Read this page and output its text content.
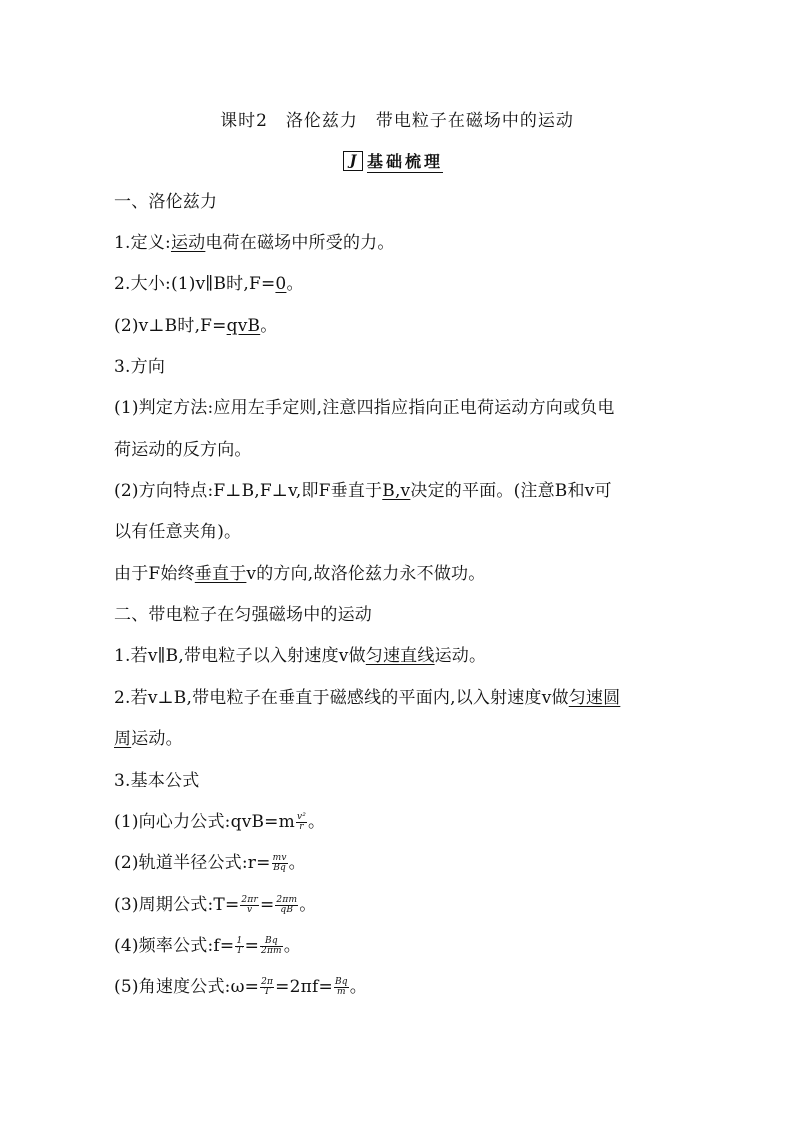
课时2　洛伦兹力　带电粒子在磁场中的运动
J 基础梳理
一、洛伦兹力
1.定义:运动电荷在磁场中所受的力。
2.大小:(1)v∥B时,F=0。
(2)v⊥B时,F=qvB。
3.方向
(1)判定方法:应用左手定则,注意四指应指向正电荷运动方向或负电
荷运动的反方向。
(2)方向特点:F⊥B,F⊥v,即F垂直于B,v决定的平面。(注意B和v可
以有任意夹角)。
由于F始终垂直于v的方向,故洛伦兹力永不做功。
二、带电粒子在匀强磁场中的运动
1.若v∥B,带电粒子以入射速度v做匀速直线运动。
2.若v⊥B,带电粒子在垂直于磁感线的平面内,以入射速度v做匀速圆
周运动。
3.基本公式
(1)向心力公式:qvB=m $\frac{\text{v²}}{r}$ 。
(2)轨道半径公式:r= $\frac{mv}{Bq}$ 。
(3)周期公式:T= $\frac{2\pi r}{v} = \frac{2\pi m}{qB}$ 。
(4)频率公式:f= $\frac{1}{T} = \frac{Bq}{2\pi m}$ 。
(5)角速度公式:ω= $\frac{2\pi}{T} =2\pi f= \frac{Bq}{m}$ 。
